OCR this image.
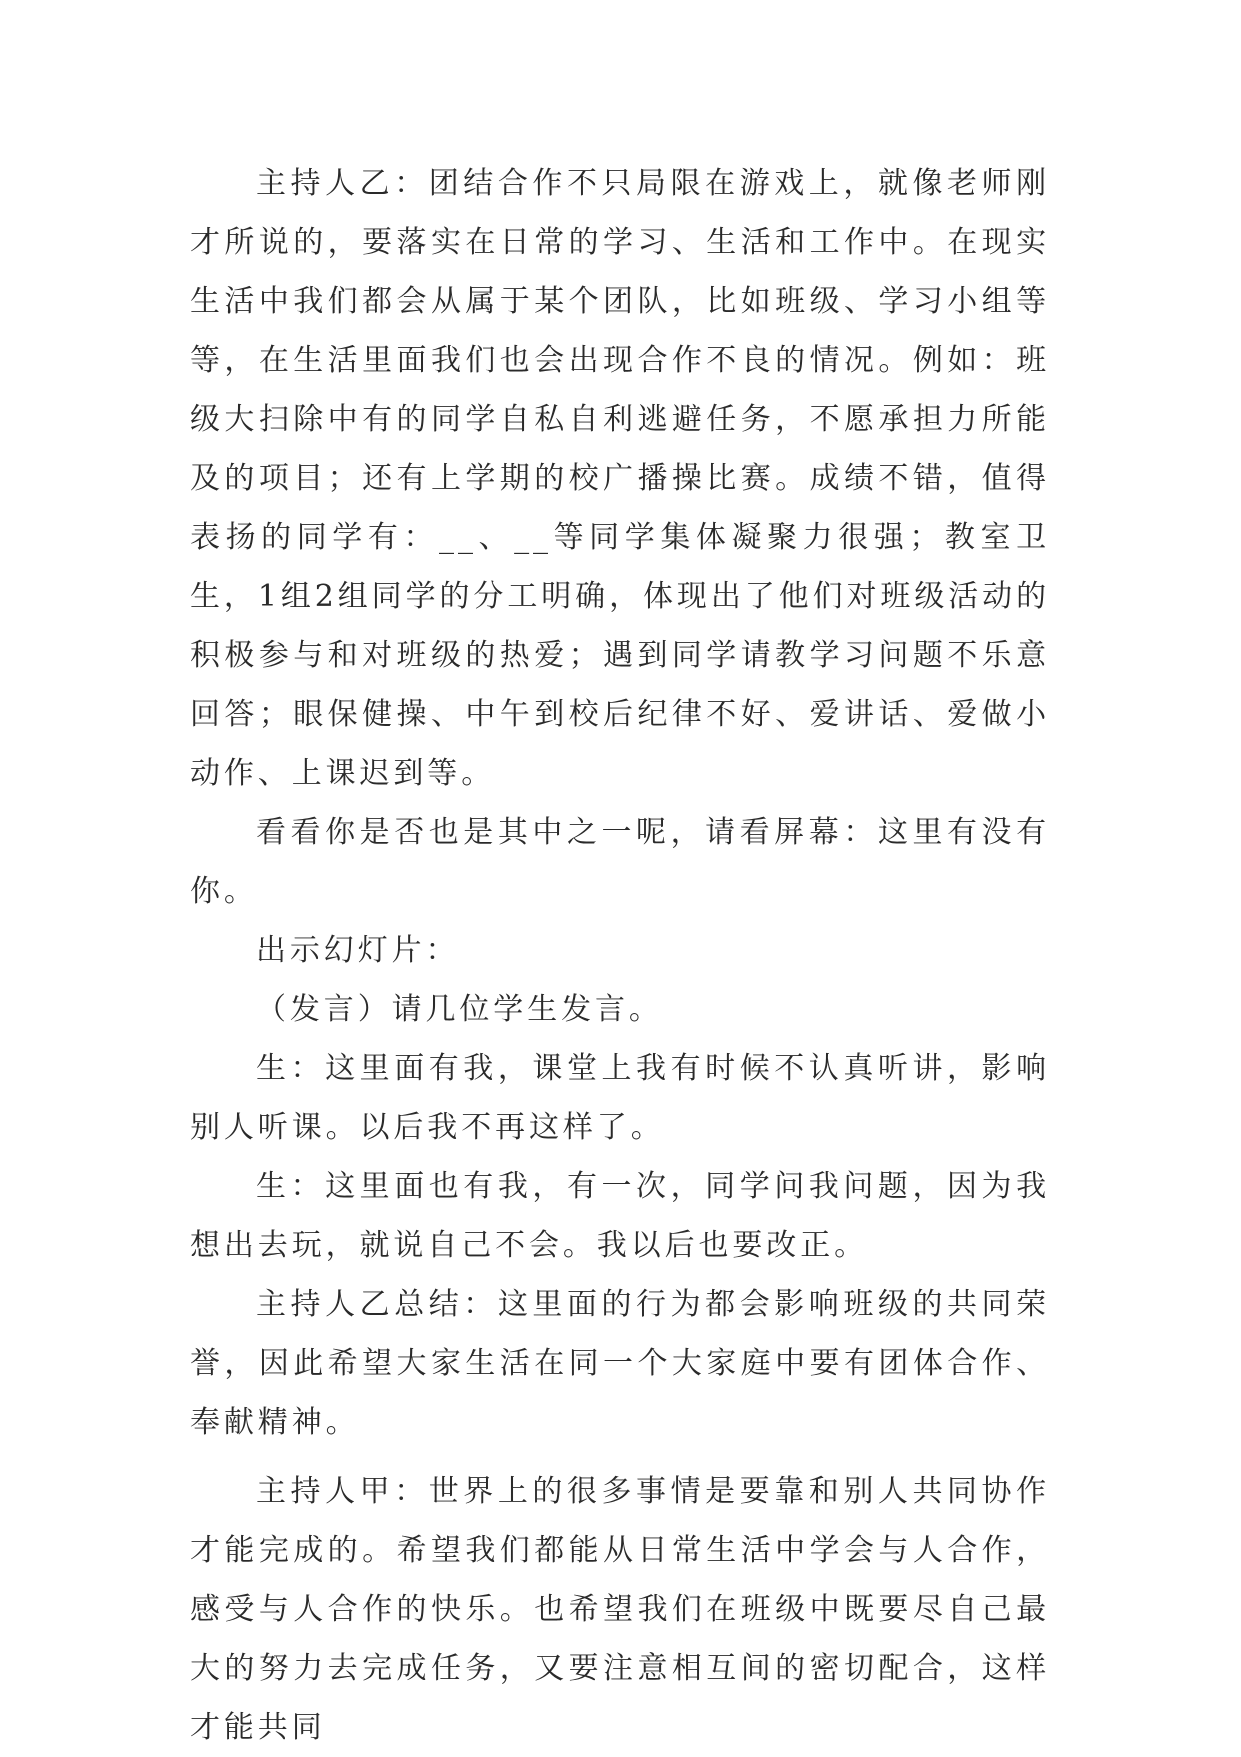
主持人乙：团结合作不只局限在游戏上，就像老师刚才所说的，要落实在日常的学习、生活和工作中。在现实生活中我们都会从属于某个团队，比如班级、学习小组等等，在生活里面我们也会出现合作不良的情况。例如：班级大扫除中有的同学自私自利逃避任务，不愿承担力所能及的项目；还有上学期的校广播操比赛。成绩不错，值得表扬的同学有：__、__等同学集体凝聚力很强；教室卫生，1组2组同学的分工明确，体现出了他们对班级活动的积极参与和对班级的热爱；遇到同学请教学习问题不乐意回答；眼保健操、中午到校后纪律不好、爱讲话、爱做小动作、上课迟到等。

看看你是否也是其中之一呢，请看屏幕：这里有没有你。

出示幻灯片：

（发言）请几位学生发言。

生：这里面有我，课堂上我有时候不认真听讲，影响别人听课。以后我不再这样了。

生：这里面也有我，有一次，同学问我问题，因为我想出去玩，就说自己不会。我以后也要改正。

主持人乙总结：这里面的行为都会影响班级的共同荣誉，因此希望大家生活在同一个大家庭中要有团体合作、奉献精神。

主持人甲：世界上的很多事情是要靠和别人共同协作才能完成的。希望我们都能从日常生活中学会与人合作，感受与人合作的快乐。也希望我们在班级中既要尽自己最大的努力去完成任务，又要注意相互间的密切配合，这样才能共同
